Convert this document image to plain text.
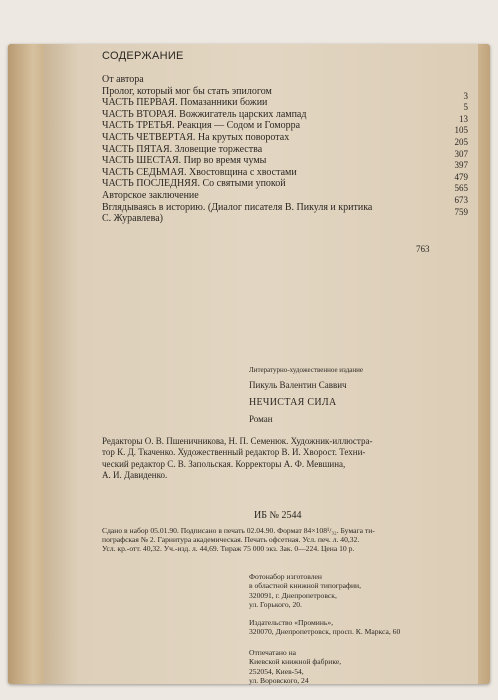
СОДЕРЖАНИЕ
От автора
Пролог, который мог бы стать эпилогом	3
ЧАСТЬ ПЕРВАЯ. Помазанники божии	5
ЧАСТЬ ВТОРАЯ. Вожжигатель царских лампад	13
ЧАСТЬ ТРЕТЬЯ. Реакция — Содом и Гоморра	105
ЧАСТЬ ЧЕТВЕРТАЯ. На крутых поворотах	205
ЧАСТЬ ПЯТАЯ. Зловещие торжества	307
ЧАСТЬ ШЕСТАЯ. Пир во время чумы	397
ЧАСТЬ СЕДЬМАЯ. Хвостовщина с хвостами	479
ЧАСТЬ ПОСЛЕДНЯЯ. Со святыми упокой	565
Авторское заключение	673
Вглядываясь в историю. (Диалог писателя В. Пикуля и критика	759
С. Журавлева)
763
Литературно-художественное издание
Пикуль Валентин Саввич
НЕЧИСТАЯ СИЛА
Роман
Редакторы О. В. Пшеничникова, Н. П. Семенюк. Художник-иллюстра-
тор К. Д. Ткаченко. Художественный редактор В. И. Хворост. Техни-
ческий редактор С. В. Запольская. Корректоры А. Ф. Мевшина,
А. И. Давиденко.
ИБ № 2544
Сдано в набор 05.01.90. Подписано в печать 02.04.90. Формат 84×108¹/₃₂. Бумага ти-
пографская № 2. Гарнитура академическая. Печать офсетная. Усл. печ. л. 40,32.
Усл. кр.-отт. 40,32. Уч.-изд. л. 44,69. Тираж 75 000 экз. Зак. 0—224. Цена 10 р.
Фотонабор изготовлен
в областной книжной типографии,
320091, г. Днепропетровск,
ул. Горького, 20.
Издательство «Проминь»,
320070, Днепропетровск, просп. К. Маркса, 60
Отпечатано на
Киевской книжной фабрике,
252054, Киев-54,
ул. Воровского, 24
